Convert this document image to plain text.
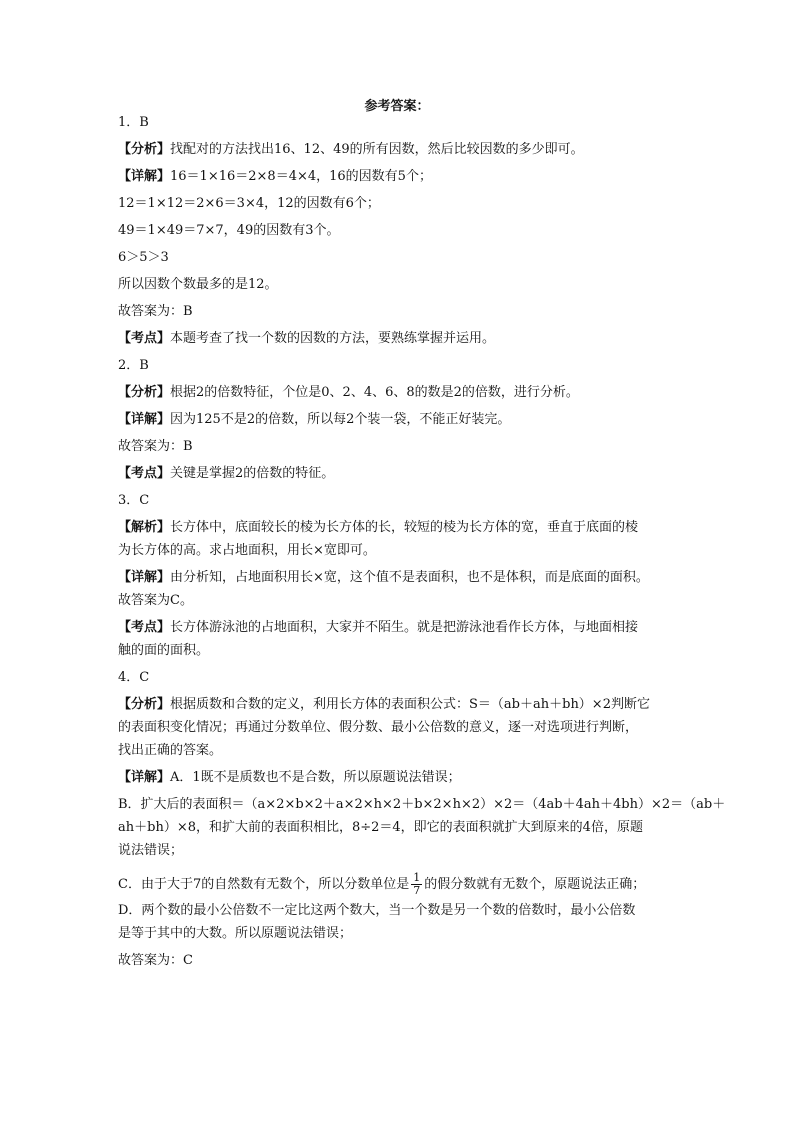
参考答案：
1．B
【分析】找配对的方法找出16、12、49的所有因数，然后比较因数的多少即可。
【详解】16＝1×16＝2×8＝4×4，16的因数有5个；
12＝1×12＝2×6＝3×4，12的因数有6个；
49＝1×49＝7×7，49的因数有3个。
6＞5＞3
所以因数个数最多的是12。
故答案为：B
【考点】本题考查了找一个数的因数的方法，要熟练掌握并运用。
2．B
【分析】根据2的倍数特征，个位是0、2、4、6、8的数是2的倍数，进行分析。
【详解】因为125不是2的倍数，所以每2个装一袋，不能正好装完。
故答案为：B
【考点】关键是掌握2的倍数的特征。
3．C
【解析】长方体中，底面较长的棱为长方体的长，较短的棱为长方体的宽，垂直于底面的棱
为长方体的高。求占地面积，用长×宽即可。
【详解】由分析知，占地面积用长×宽，这个值不是表面积，也不是体积，而是底面的面积。
故答案为C。
【考点】长方体游泳池的占地面积，大家并不陌生。就是把游泳池看作长方体，与地面相接
触的面的面积。
4．C
【分析】根据质数和合数的定义，利用长方体的表面积公式：S＝（ab＋ah＋bh）×2判断它
的表面积变化情况；再通过分数单位、假分数、最小公倍数的意义，逐一对选项进行判断，
找出正确的答案。
【详解】A．1既不是质数也不是合数，所以原题说法错误；
B．扩大后的表面积＝（a×2×b×2＋a×2×h×2＋b×2×h×2）×2＝（4ab＋4ah＋4bh）×2＝（ab＋
ah＋bh）×8，和扩大前的表面积相比，8÷2＝4，即它的表面积就扩大到原来的4倍，原题
说法错误；
C．由于大于7的自然数有无数个，所以分数单位是 $\frac{1}{7}$ 的假分数就有无数个，原题说法正确；
D．两个数的最小公倍数不一定比这两个数大，当一个数是另一个数的倍数时，最小公倍数
是等于其中的大数。所以原题说法错误；
故答案为：C
